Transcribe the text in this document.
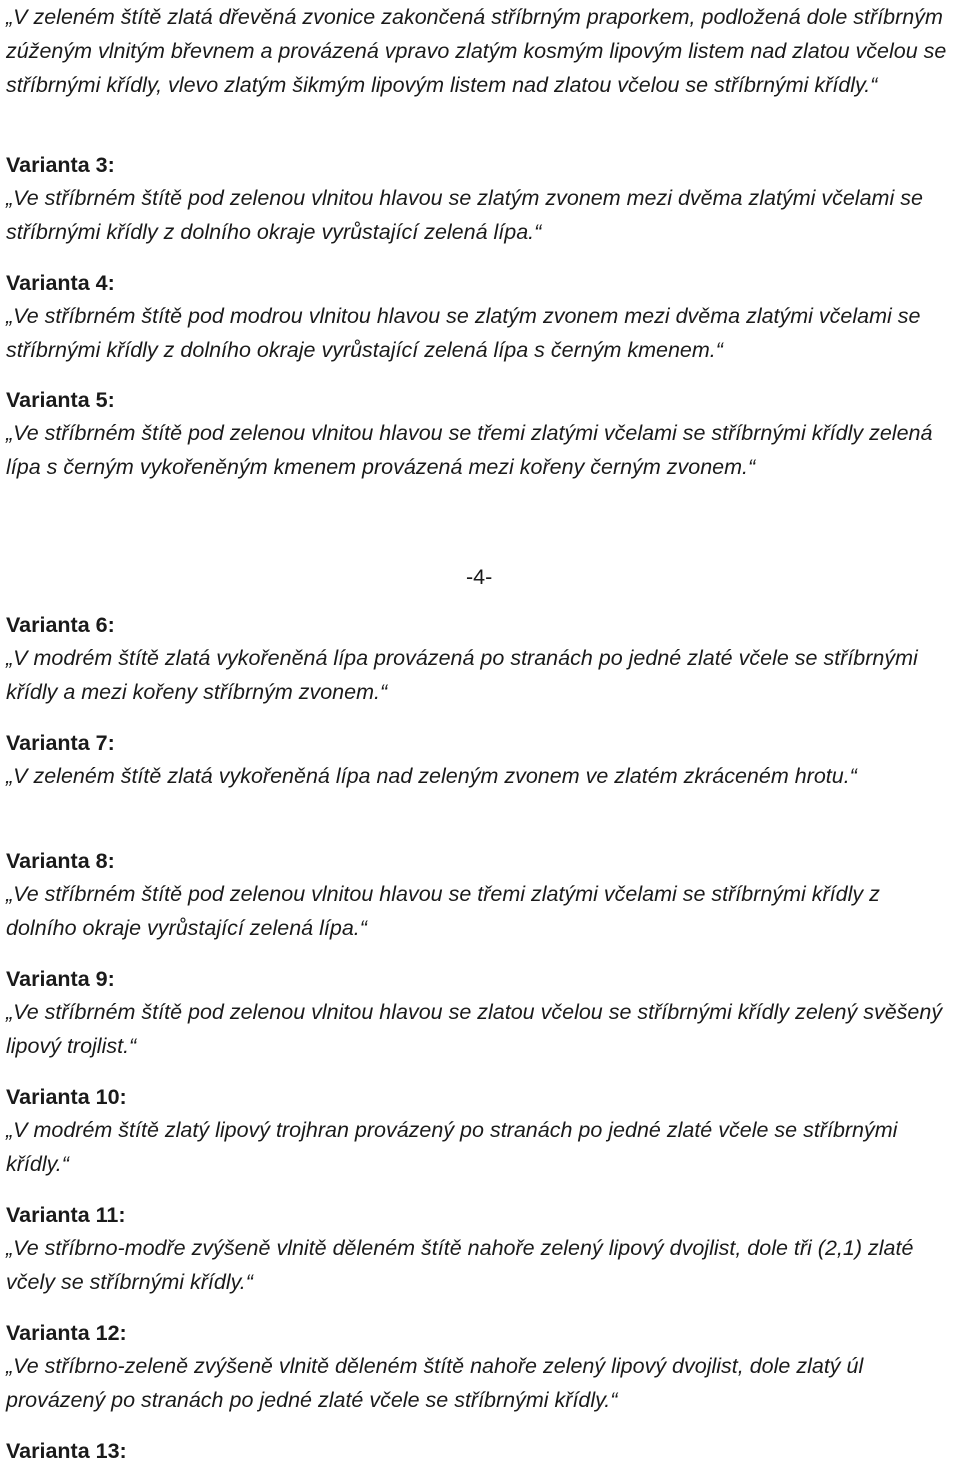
„V zeleném štítě zlatá dřevěná zvonice zakončená stříbrným praporkem, podložená dole stříbrným zúženým vlnitým břevnem a provázená vpravo zlatým kosmým lipovým listem nad zlatou včelou se stříbrnými křídly, vlevo zlatým šikmým lipovým listem nad zlatou včelou se stříbrnými křídly.“

Varianta 3:

„Ve stříbrném štítě pod zelenou vlnitou hlavou se zlatým zvonem mezi dvěma zlatými včelami se stříbrnými křídly z dolního okraje vyrůstající zelená lípa.“

Varianta 4:

„Ve stříbrném štítě pod modrou vlnitou hlavou se zlatým zvonem mezi dvěma zlatými včelami se stříbrnými křídly z dolního okraje vyrůstající zelená lípa s černým kmenem.“

Varianta 5:

„Ve stříbrném štítě pod zelenou vlnitou hlavou se třemi zlatými včelami se stříbrnými křídly zelená lípa s černým vykořeněným kmenem provázená mezi kořeny černým zvonem.“

-4-

Varianta 6:

„V modrém štítě zlatá vykořeněná lípa provázená po stranách po jedné zlaté včele se stříbrnými křídly a mezi kořeny stříbrným zvonem.“

Varianta 7:

„V zeleném štítě zlatá vykořeněná lípa nad zeleným zvonem ve zlatém zkráceném hrotu.“

Varianta 8:

„Ve stříbrném štítě pod zelenou vlnitou hlavou se třemi zlatými včelami se stříbrnými křídly z dolního okraje vyrůstající zelená lípa.“

Varianta 9:

„Ve stříbrném štítě pod zelenou vlnitou hlavou se zlatou včelou se stříbrnými křídly zelený svěšený lipový trojlist.“

Varianta 10:

„V modrém štítě zlatý lipový trojhran provázený po stranách po jedné zlaté včele se stříbrnými křídly.“

Varianta 11:

„Ve stříbrno-modře zvýšeně vlnitě děleném štítě nahoře zelený lipový dvojlist, dole tři (2,1) zlaté včely se stříbrnými křídly.“

Varianta 12:

„Ve stříbrno-zeleně zvýšeně vlnitě děleném štítě nahoře zelený lipový dvojlist, dole zlatý úl provázený po stranách po jedné zlaté včele se stříbrnými křídly.“

Varianta 13:
